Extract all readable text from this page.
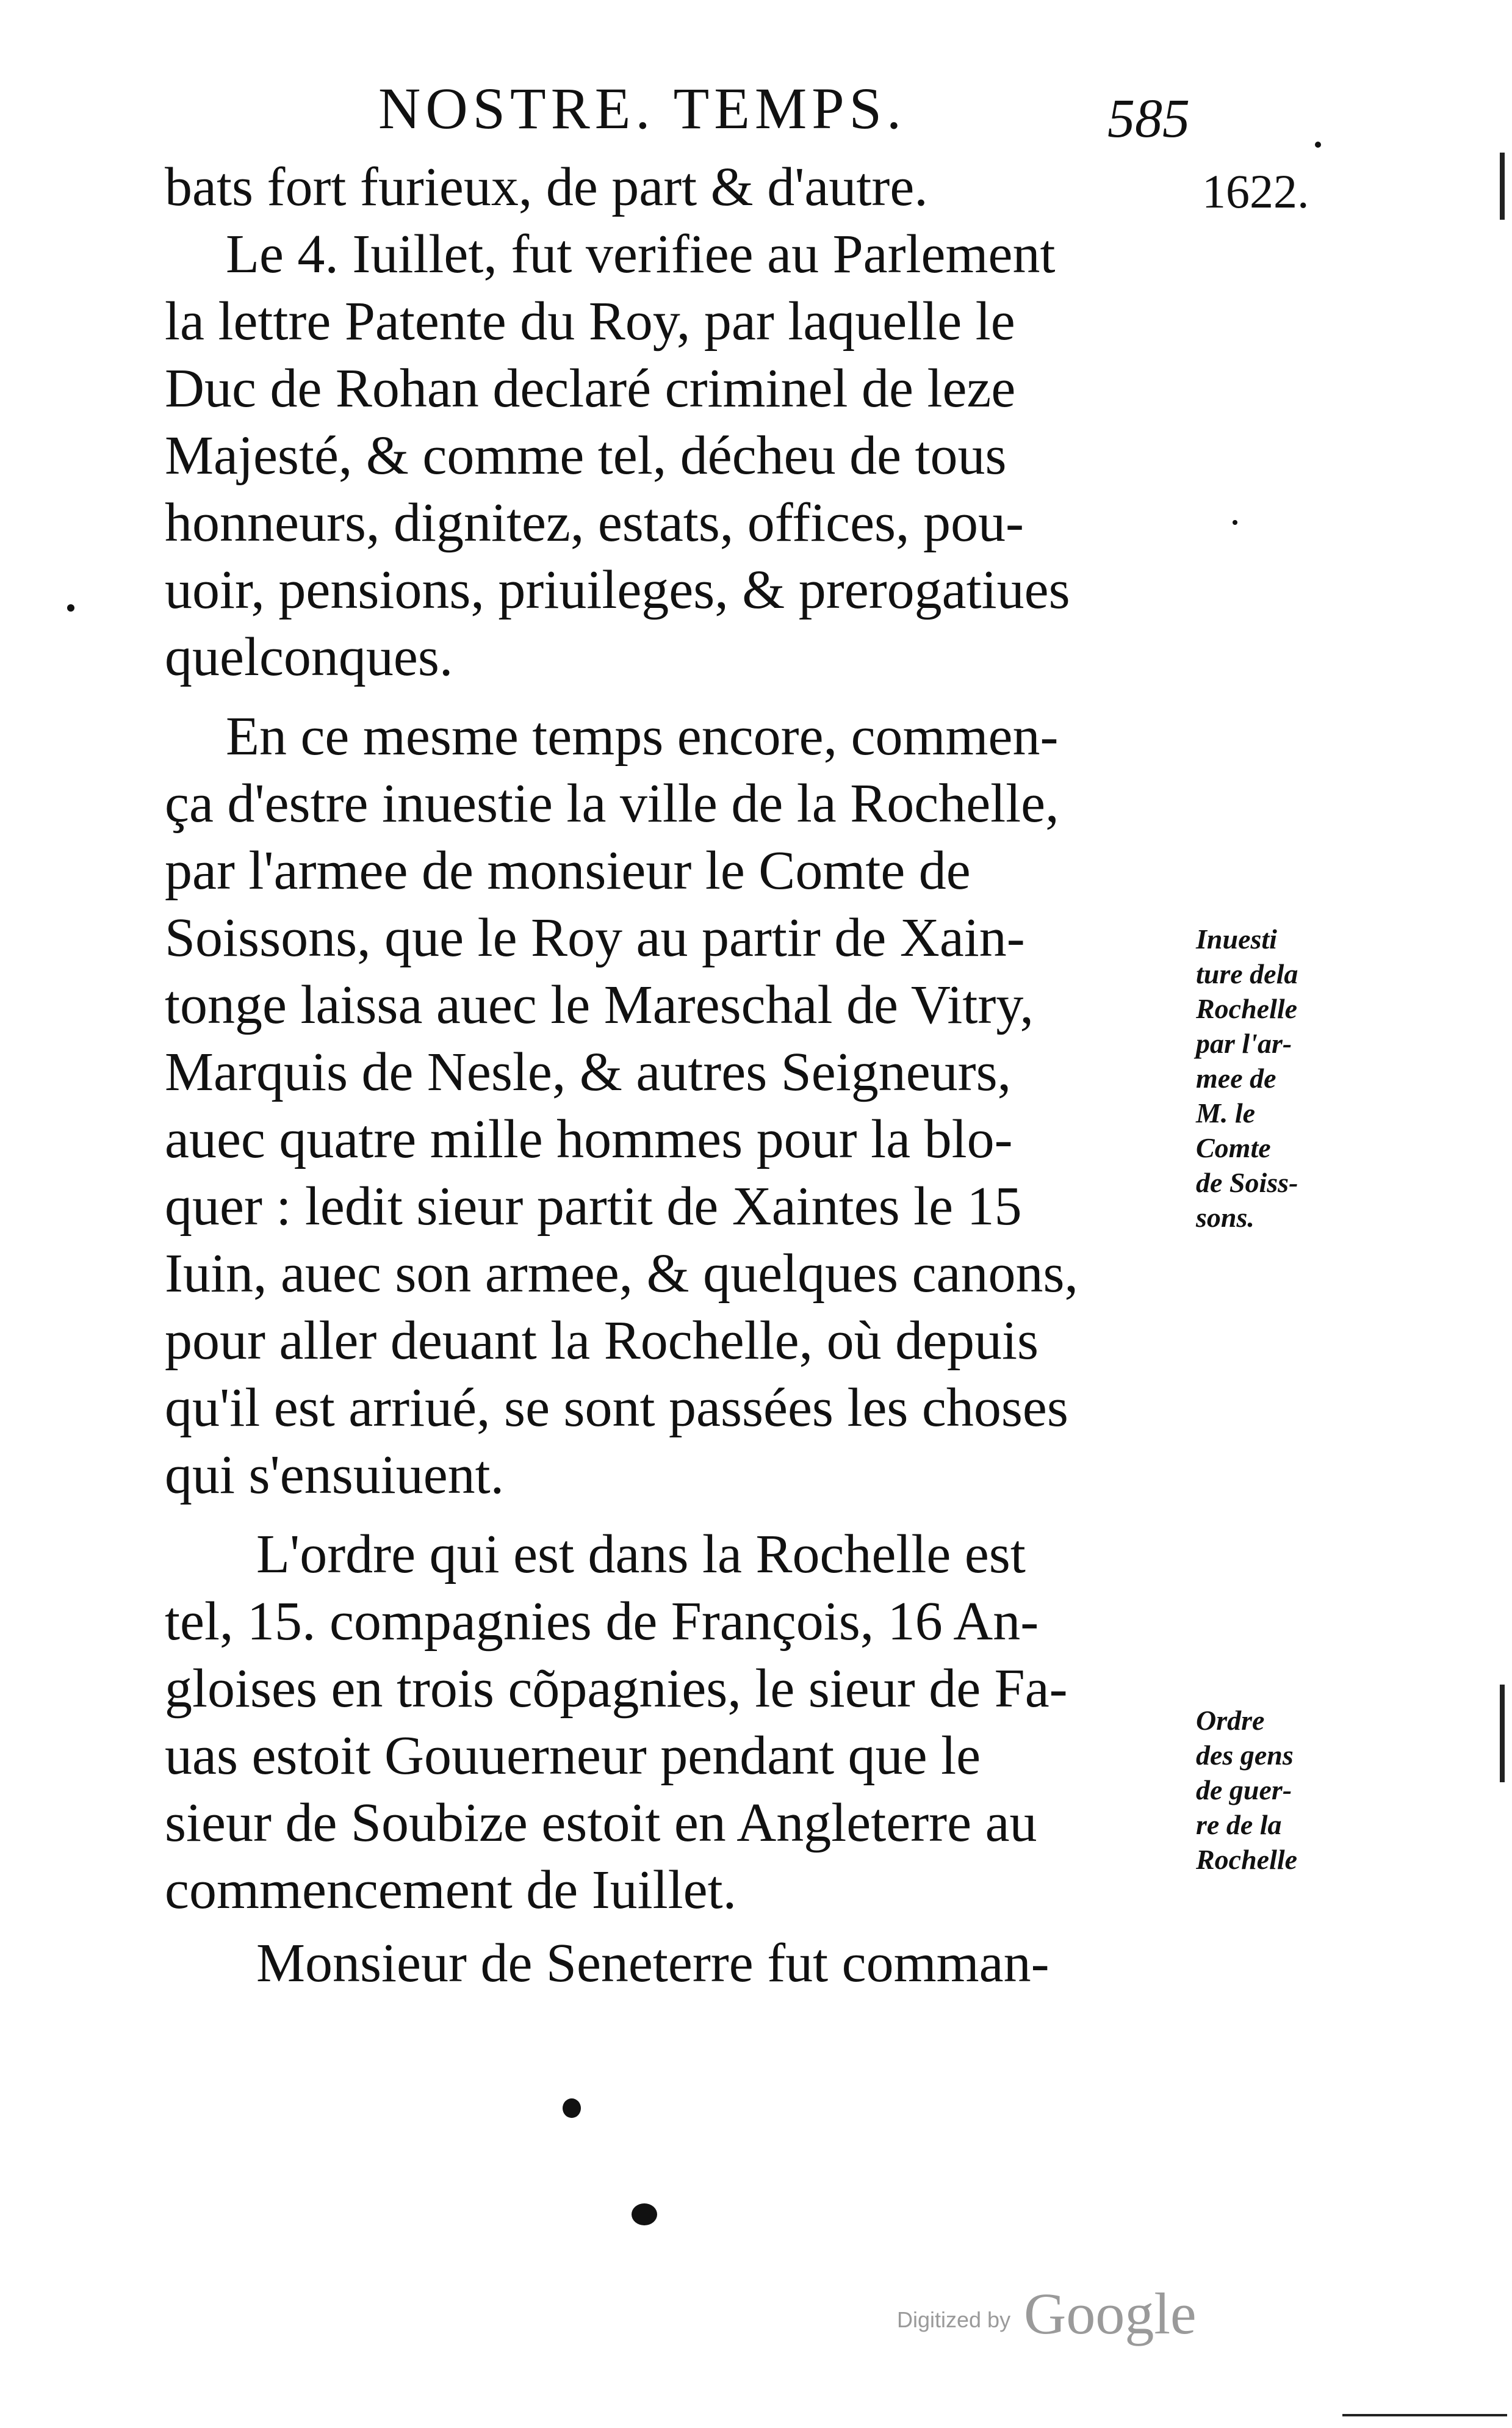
NOSTRE. TEMPS.	585
1622.
bats fort furieux, de part & d'autre.
Le 4. Iuillet, fut verifiee au Parlement
la lettre Patente du Roy, par laquelle le
Duc de Rohan declaré criminel de leze
Majesté, & comme tel, décheu de tous
honneurs, dignitez, estats, offices, pou-
uoir, pensions, priuileges, & prerogatiues
quelconques.
En ce mesme temps encore, commen-
ça d'estre inuestie la ville de la Rochelle,
par l'armee de monsieur le Comte de
Soissons, que le Roy au partir de Xain-
tonge laissa auec le Mareschal de Vitry,
Marquis de Nesle, & autres Seigneurs,
auec quatre mille hommes pour la blo-
quer : ledit sieur partit de Xaintes le 15
Iuin, auec son armee, & quelques canons,
pour aller deuant la Rochelle, où depuis
qu'il est arriué, se sont passées les choses
qui s'ensuiuent.
L'ordre qui est dans la Rochelle est
tel, 15. compagnies de François, 16 An-
gloises en trois cõpagnies, le sieur de Fa-
uas estoit Gouuerneur pendant que le
sieur de Soubize estoit en Angleterre au
commencement de Iuillet.
Monsieur de Seneterre fut comman-
Inuesti
ture dela
Rochelle
par l'ar-
mee de
M. le
Comte
de Soiss-
sons.
Ordre
des gens
de guer-
re de la
Rochelle
Digitized by Google
